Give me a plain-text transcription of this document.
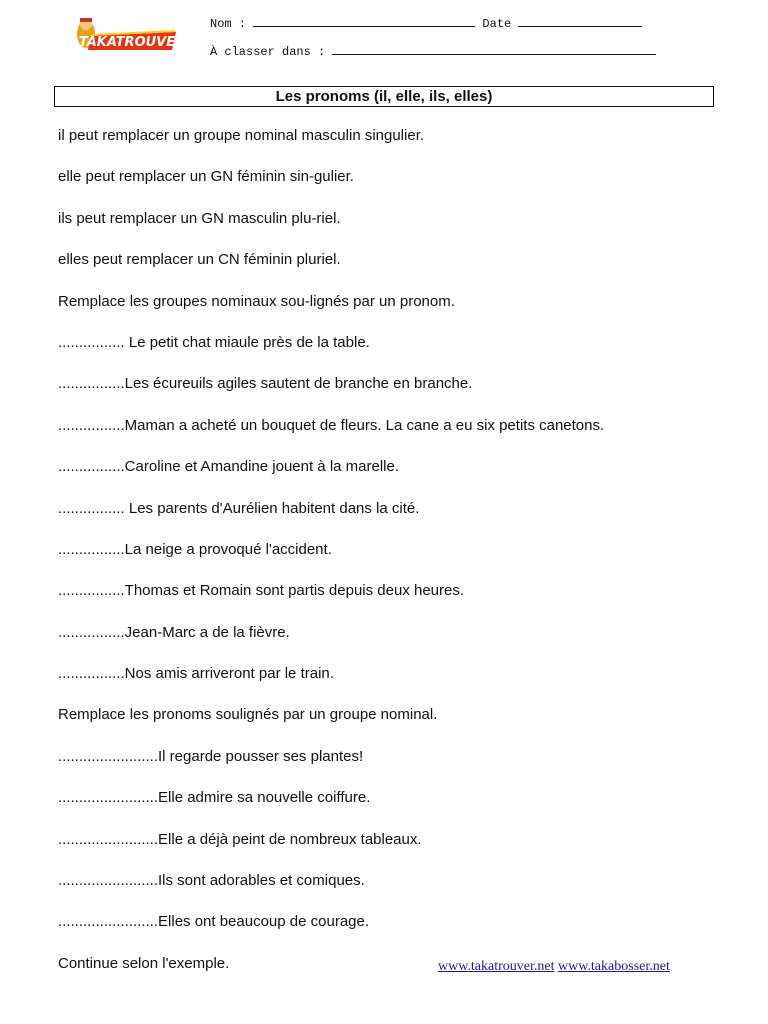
TAKATROUVER
Nom :	Date
À classer dans :
Les pronoms (il, elle, ils, elles)
il peut remplacer un groupe nominal masculin singulier.
elle peut remplacer un GN féminin sin-gulier.
ils peut remplacer un GN masculin plu-riel.
elles peut remplacer un CN féminin pluriel.
Remplace les groupes nominaux sou-lignés par un pronom.
................ Le petit chat miaule près de la table.
................Les écureuils agiles sautent de branche en branche.
................Maman a acheté un bouquet de fleurs. La cane a eu six petits canetons.
................Caroline et Amandine jouent à la marelle.
................ Les parents d'Aurélien habitent dans la cité.
................La neige a provoqué l'accident.
................Thomas et Romain sont partis depuis deux heures.
................Jean-Marc a de la fièvre.
................Nos amis arriveront par le train.
Remplace les pronoms soulignés par un groupe nominal.
........................Il regarde pousser ses plantes!
........................Elle admire sa nouvelle coiffure.
........................Elle a déjà peint de nombreux tableaux.
........................Ils sont adorables et comiques.
........................Elles ont beaucoup de courage.
Continue selon l'exemple.	www.takatrouver.net www.takabosser.net
